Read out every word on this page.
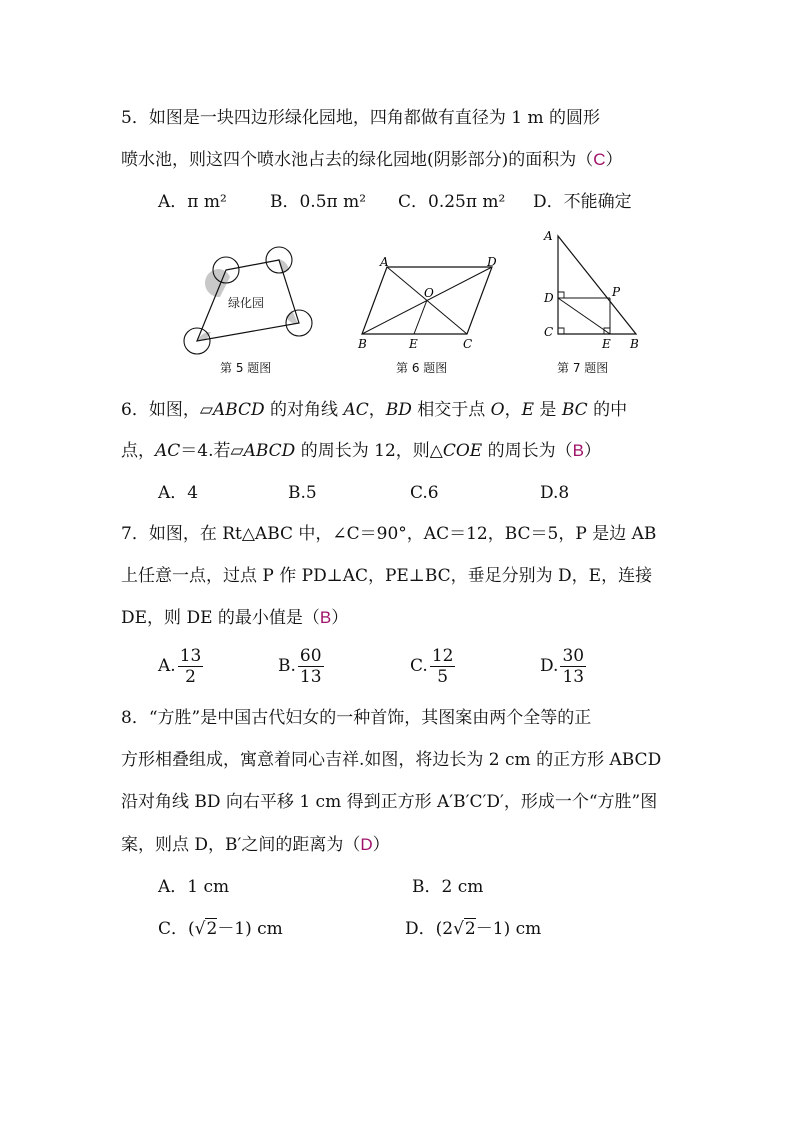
5．如图是一块四边形绿化园地，四角都做有直径为 1 m 的圆形
喷水池，则这四个喷水池占去的绿化园地(阴影部分)的面积为（C）
A．π m²	B．0.5π m² C．0.25π m² D．不能确定
绿化园
第 5 题图
A	D
O
B	E	C
第 6 题图
A
D	P
C
E B
第 7 题图
6．如图，▱ABCD 的对角线 AC，BD 相交于点 O，E 是 BC 的中
点，AC＝4.若▱ABCD 的周长为 12，则△COE 的周长为（B）
A．4	B.5	C.6	D.8
7．如图，在 Rt△ABC 中，∠C＝90°，AC＝12，BC＝5，P 是边 AB
上任意一点，过点 P 作 PD⊥AC，PE⊥BC，垂足分别为 D，E，连接
DE，则 DE 的最小值是（B）
A. $\frac{13}{2}$	B. $\frac{60}{13}$	C. $\frac{12}{5}$	D. $\frac{30}{13}$
8．“方胜”是中国古代妇女的一种首饰，其图案由两个全等的正
方形相叠组成，寓意着同心吉祥.如图，将边长为 2 cm 的正方形 ABCD
沿对角线 BD 向右平移 1 cm 得到正方形 A′B′C′D′，形成一个“方胜”图
案，则点 D，B′之间的距离为（D）
A．1 cm	B．2 cm
C．(√2－1) cm	D．(2√2－1) cm
